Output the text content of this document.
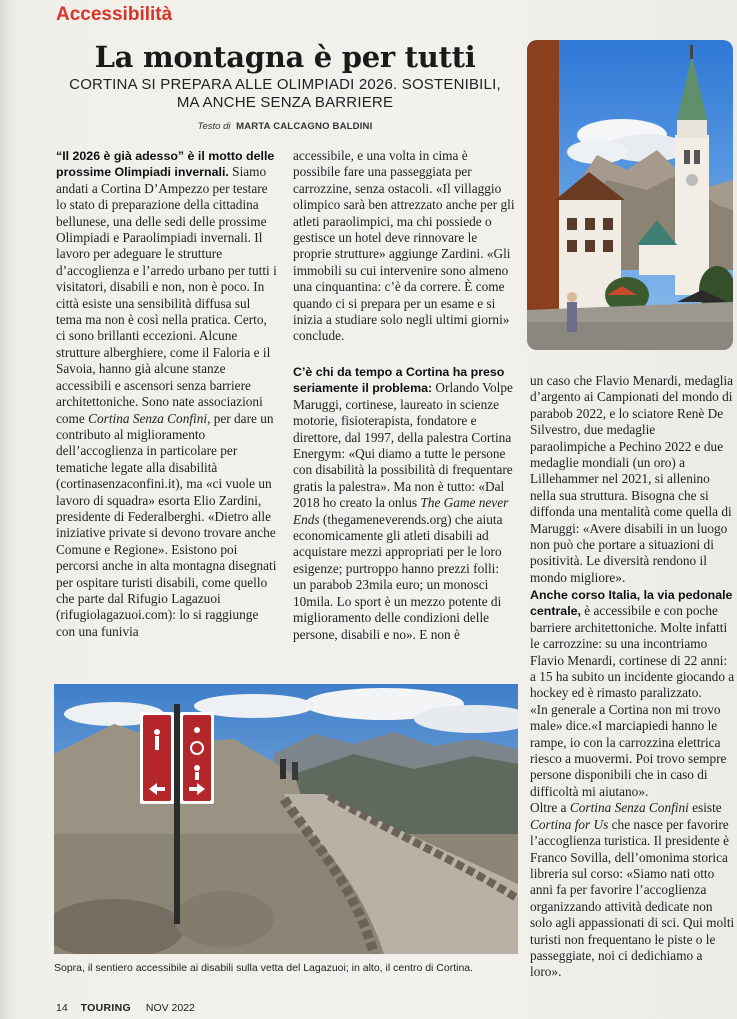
Accessibilità
La montagna è per tutti
CORTINA SI PREPARA ALLE OLIMPIADI 2026. SOSTENIBILI,
MA ANCHE SENZA BARRIERE
Testo di MARTA CALCAGNO BALDINI

“Il 2026 è già adesso” è il motto delle prossime Olimpiadi invernali. Siamo andati a Cortina D’Ampezzo per testare lo stato di preparazione della cittadina bellunese, una delle sedi delle prossime Olimpiadi e Paraolimpiadi invernali. Il lavoro per adeguare le strutture d’accoglienza e l’arredo urbano per tutti i visitatori, disabili e non, non è poco. In città esiste una sensibilità diffusa sul tema ma non è così nella pratica. Certo, ci sono brillanti eccezioni. Alcune strutture alberghiere, come il Faloria e il Savoia, hanno già alcune stanze accessibili e ascensori senza barriere architettoniche. Sono nate associazioni come Cortina Senza Confini, per dare un contributo al miglioramento dell’accoglienza in particolare per tematiche legate alla disabilità (cortinasenzaconfini.it), ma «ci vuole un lavoro di squadra» esorta Elio Zardini, presidente di Federalberghi. «Dietro alle iniziative private si devono trovare anche Comune e Regione». Esistono poi percorsi anche in alta montagna disegnati per ospitare turisti disabili, come quello che parte dal Rifugio Lagazuoi (rifugiolagazuoi.com): lo si raggiunge con una funivia

accessibile, e una volta in cima è possibile fare una passeggiata per carrozzine, senza ostacoli. «Il villaggio olimpico sarà ben attrezzato anche per gli atleti paraolimpici, ma chi possiede o gestisce un hotel deve rinnovare le proprie strutture» aggiunge Zardini. «Gli immobili su cui intervenire sono almeno una cinquantina: c’è da correre. È come quando ci si prepara per un esame e si inizia a studiare solo negli ultimi giorni» conclude.

C’è chi da tempo a Cortina ha preso seriamente il problema: Orlando Volpe Maruggi, cortinese, laureato in scienze motorie, fisioterapista, fondatore e direttore, dal 1997, della palestra Cortina Energym: «Qui diamo a tutte le persone con disabilità la possibilità di frequentare gratis la palestra». Ma non è tutto: «Dal 2018 ho creato la onlus The Game never Ends (thegameneverends.org) che aiuta economicamente gli atleti disabili ad acquistare mezzi appropriati per le loro esigenze; purtroppo hanno prezzi folli: un parabob 23mila euro; un monosci 10mila. Lo sport è un mezzo potente di miglioramento delle condizioni delle persone, disabili e no». E non è

un caso che Flavio Menardi, medaglia d’argento ai Campionati del mondo di parabob 2022, e lo sciatore Renè De Silvestro, due medaglie paraolimpiche a Pechino 2022 e due medaglie mondiali (un oro) a Lillehammer nel 2021, si allenino nella sua struttura. Bisogna che si diffonda una mentalità come quella di Maruggi: «Avere disabili in un luogo non può che portare a situazioni di positività. Le diversità rendono il mondo migliore».

Anche corso Italia, la via pedonale centrale, è accessibile e con poche barriere architettoniche. Molte infatti le carrozzine: su una incontriamo Flavio Menardi, cortinese di 22 anni: a 15 ha subito un incidente giocando a hockey ed è rimasto paralizzato.

«In generale a Cortina non mi trovo male» dice.«I marciapiedi hanno le rampe, io con la carrozzina elettrica riesco a muovermi. Poi trovo sempre persone disponibili che in caso di difficoltà mi aiutano».

Oltre a Cortina Senza Confini esiste Cortina for Us che nasce per favorire l’accoglienza turistica. Il presidente è Franco Sovilla, dell’omonima storica libreria sul corso: «Siamo nati otto anni fa per favorire l’accoglienza organizzando attività dedicate non solo agli appassionati di sci. Qui molti turisti non frequentano le piste o le passeggiate, noi ci dedichiamo a loro».

Sopra, il sentiero accessibile ai disabili sulla vetta del Lagazuoi; in alto, il centro di Cortina.
14 TOURING NOV 2022
